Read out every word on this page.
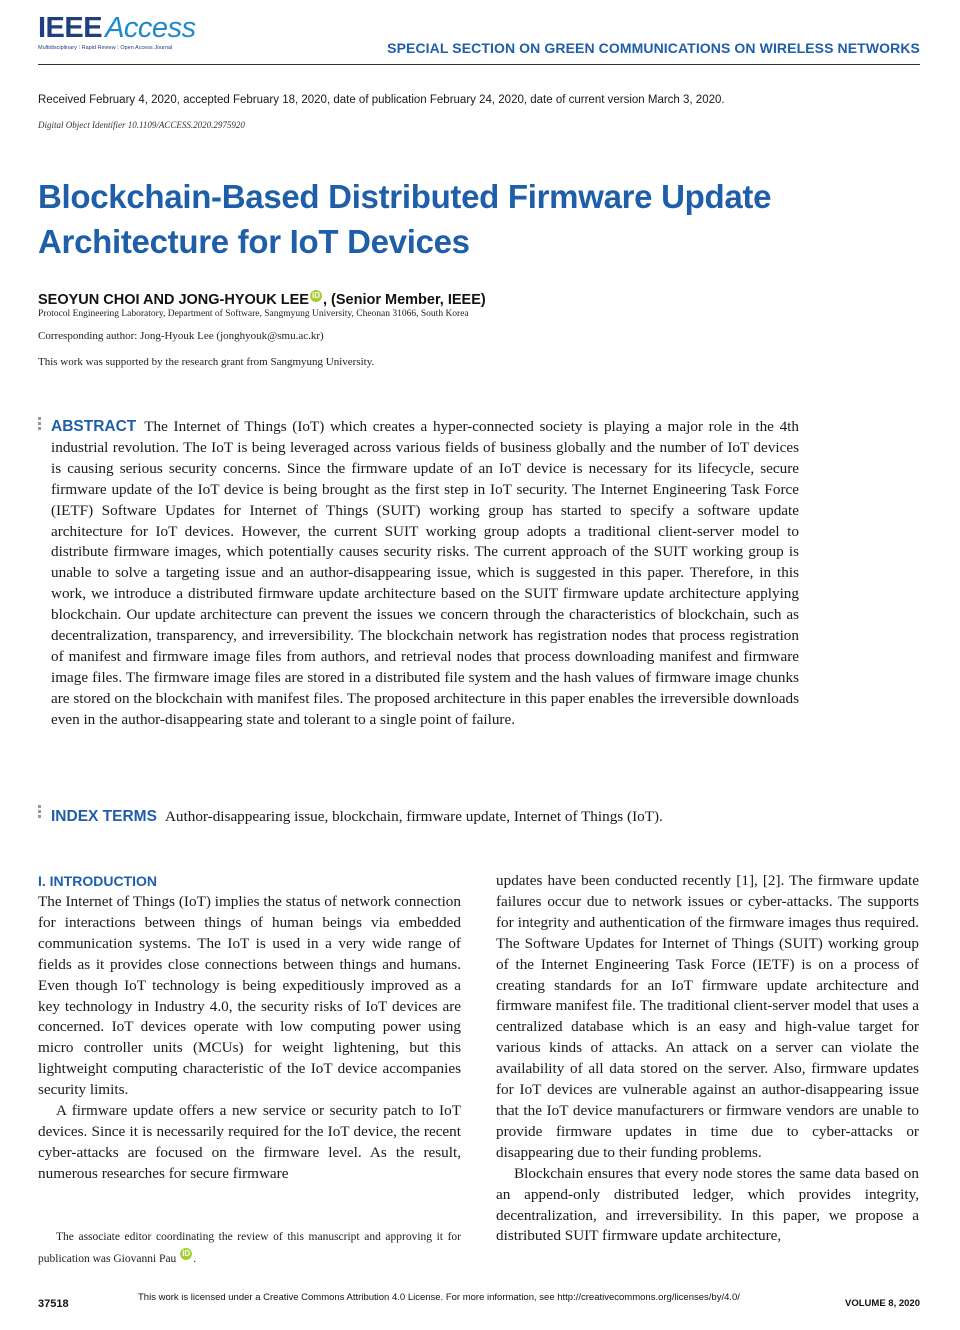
IEEE Access
Multidisciplinary ⁝ Rapid Review ⁝ Open Access Journal	SPECIAL SECTION ON GREEN COMMUNICATIONS ON WIRELESS NETWORKS
Received February 4, 2020, accepted February 18, 2020, date of publication February 24, 2020, date of current version March 3, 2020.
Digital Object Identifier 10.1109/ACCESS.2020.2975920
Blockchain-Based Distributed Firmware Update Architecture for IoT Devices
SEOYUN CHOI AND JONG-HYOUK LEE iD , (Senior Member, IEEE)
Protocol Engineering Laboratory, Department of Software, Sangmyung University, Cheonan 31066, South Korea
Corresponding author: Jong-Hyouk Lee (jonghyouk@smu.ac.kr)
This work was supported by the research grant from Sangmyung University.

ABSTRACT The Internet of Things (IoT) which creates a hyper-connected society is playing a major role in the 4th industrial revolution. The IoT is being leveraged across various fields of business globally and the number of IoT devices is causing serious security concerns. Since the firmware update of an IoT device is necessary for its lifecycle, secure firmware update of the IoT device is being brought as the first step in IoT security. The Internet Engineering Task Force (IETF) Software Updates for Internet of Things (SUIT) working group has started to specify a software update architecture for IoT devices. However, the current SUIT working group adopts a traditional client-server model to distribute firmware images, which potentially causes security risks. The current approach of the SUIT working group is unable to solve a targeting issue and an author-disappearing issue, which is suggested in this paper. Therefore, in this work, we introduce a distributed firmware update architecture based on the SUIT firmware update architecture applying blockchain. Our update architecture can prevent the issues we concern through the characteristics of blockchain, such as decentralization, transparency, and irreversibility. The blockchain network has registration nodes that process registration of manifest and firmware image files from authors, and retrieval nodes that process downloading manifest and firmware image files. The firmware image files are stored in a distributed file system and the hash values of firmware image chunks are stored on the blockchain with manifest files. The proposed architecture in this paper enables the irreversible downloads even in the author-disappearing state and tolerant to a single point of failure.

INDEX TERMS Author-disappearing issue, blockchain, firmware update, Internet of Things (IoT).

I. INTRODUCTION

The Internet of Things (IoT) implies the status of network connection for interactions between things of human beings via embedded communication systems. The IoT is used in a very wide range of fields as it provides close connections between things and humans. Even though IoT technology is being expeditiously improved as a key technology in Industry 4.0, the security risks of IoT devices are concerned. IoT devices operate with low computing power using micro controller units (MCUs) for weight lightening, but this lightweight computing characteristic of the IoT device accompanies security limits.

A firmware update offers a new service or security patch to IoT devices. Since it is necessarily required for the IoT device, the recent cyber-attacks are focused on the firmware level. As the result, numerous researches for secure firmware

updates have been conducted recently [1], [2]. The firmware update failures occur due to network issues or cyber-attacks. The supports for integrity and authentication of the firmware images thus required. The Software Updates for Internet of Things (SUIT) working group of the Internet Engineering Task Force (IETF) is on a process of creating standards for an IoT firmware update architecture and firmware manifest file. The traditional client-server model that uses a centralized database which is an easy and high-value target for various kinds of attacks. An attack on a server can violate the availability of all data stored on the server. Also, firmware updates for IoT devices are vulnerable against an author-disappearing issue that the IoT device manufacturers or firmware vendors are unable to provide firmware updates in time due to cyber-attacks or disappearing due to their funding problems.

Blockchain ensures that every node stores the same data based on an append-only distributed ledger, which provides integrity, decentralization, and irreversibility. In this paper, we propose a distributed SUIT firmware update architecture,

The associate editor coordinating the review of this manuscript and approving it for publication was Giovanni Pau iD .

37518
This work is licensed under a Creative Commons Attribution 4.0 License. For more information, see http://creativecommons.org/licenses/by/4.0/
VOLUME 8, 2020
